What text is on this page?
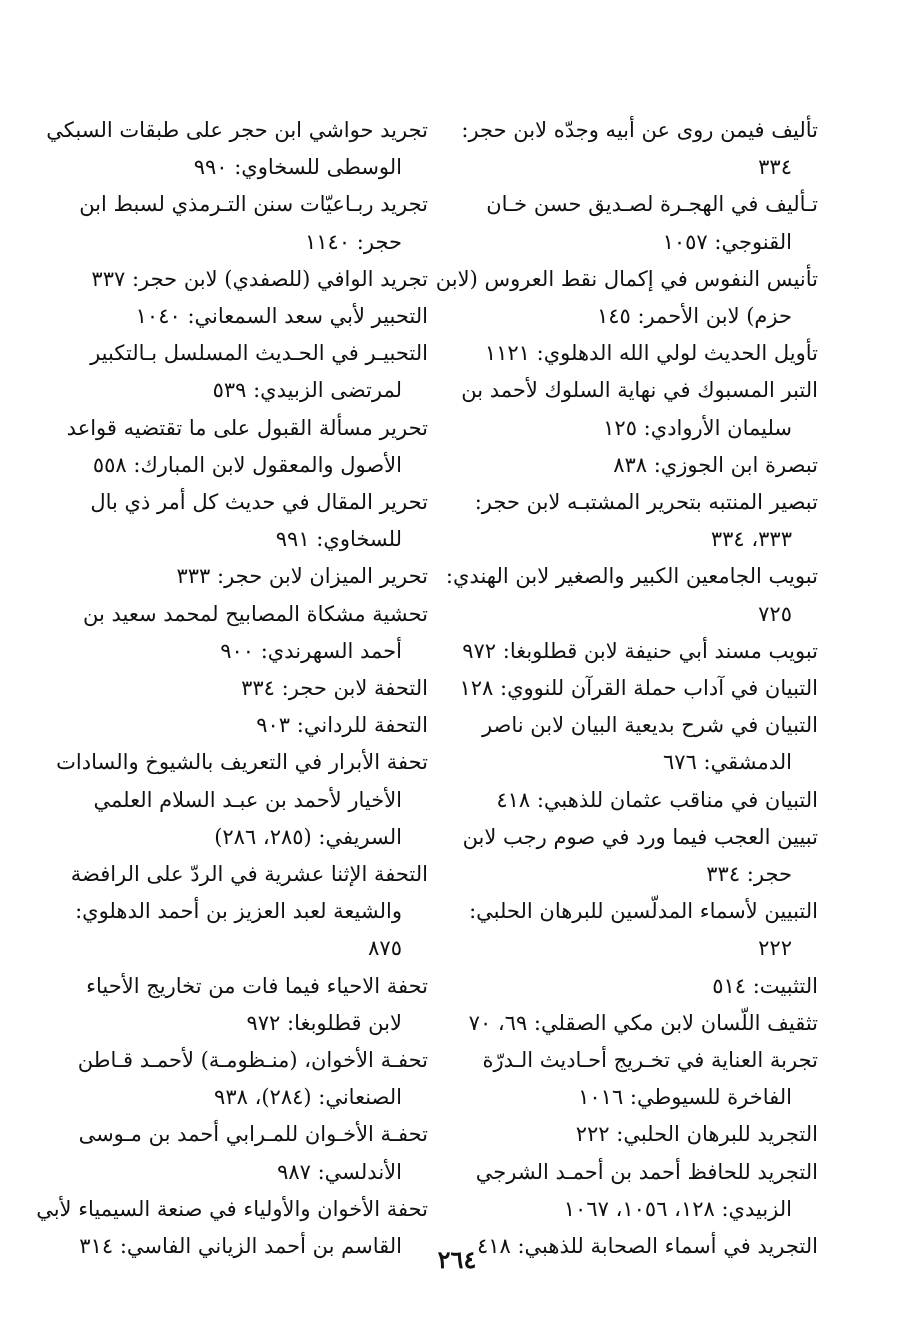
تأليف فيمن روى عن أبيه وجدّه لابن حجر:
٣٣٤
تـأليف في الهجـرة لصـديق حسن خـان
القنوجي: ١٠٥٧
تأنيس النفوس في إكمال نقط العروس (لابن
حزم) لابن الأحمر: ١٤٥
تأويل الحديث لولي الله الدهلوي: ١١٢١
التبر المسبوك في نهاية السلوك لأحمد بن
سليمان الأروادي: ١٢٥
تبصرة ابن الجوزي: ٨٣٨
تبصير المنتبه بتحرير المشتبـه لابن حجر:
٣٣٣، ٣٣٤
تبويب الجامعين الكبير والصغير لابن الهندي:
٧٢٥
تبويب مسند أبي حنيفة لابن قطلوبغا: ٩٧٢
التبيان في آداب حملة القرآن للنووي: ١٢٨
التبيان في شرح بديعية البيان لابن ناصر
الدمشقي: ٦٧٦
التبيان في مناقب عثمان للذهبي: ٤١٨
تبيين العجب فيما ورد في صوم رجب لابن
حجر: ٣٣٤
التبيين لأسماء المدلّسين للبرهان الحلبي:
٢٢٢
التثبيت: ٥١٤
تثقيف اللّسان لابن مكي الصقلي: ٦٩، ٧٠
تجربة العناية في تخـريج أحـاديث الـدرّة
الفاخرة للسيوطي: ١٠١٦
التجريد للبرهان الحلبي: ٢٢٢
التجريد للحافظ أحمد بن أحمـد الشرجي
الزبيدي: ١٢٨، ١٠٥٦، ١٠٦٧
التجريد في أسماء الصحابة للذهبي: ٤١٨
تجريد حواشي ابن حجر على طبقات السبكي
الوسطى للسخاوي: ٩٩٠
تجريد ربـاعيّات سنن التـرمذي لسبط ابن
حجر: ١١٤٠
تجريد الوافي (للصفدي) لابن حجر: ٣٣٧
التحبير لأبي سعد السمعاني: ١٠٤٠
التحبيـر في الحـديث المسلسل بـالتكبير
لمرتضى الزبيدي: ٥٣٩
تحرير مسألة القبول على ما تقتضيه قواعد
الأصول والمعقول لابن المبارك: ٥٥٨
تحرير المقال في حديث كل أمر ذي بال
للسخاوي: ٩٩١
تحرير الميزان لابن حجر: ٣٣٣
تحشية مشكاة المصابيح لمحمد سعيد بن
أحمد السهرندي: ٩٠٠
التحفة لابن حجر: ٣٣٤
التحفة للرداني: ٩٠٣
تحفة الأبرار في التعريف بالشيوخ والسادات
الأخيار لأحمد بن عبـد السلام العلمي
السريفي: (٢٨٥، ٢٨٦)
التحفة الإثنا عشرية في الردّ على الرافضة
والشيعة لعبد العزيز بن أحمد الدهلوي:
٨٧٥
تحفة الاحياء فيما فات من تخاريج الأحياء
لابن قطلوبغا: ٩٧٢
تحفـة الأخوان، (منـظومـة) لأحمـد قـاطن
الصنعاني: (٢٨٤)، ٩٣٨
تحفـة الأخـوان للمـرابي أحمد بن مـوسى
الأندلسي: ٩٨٧
تحفة الأخوان والأولياء في صنعة السيمياء لأبي
القاسم بن أحمد الزياني الفاسي: ٣١٤	٢٦٤
